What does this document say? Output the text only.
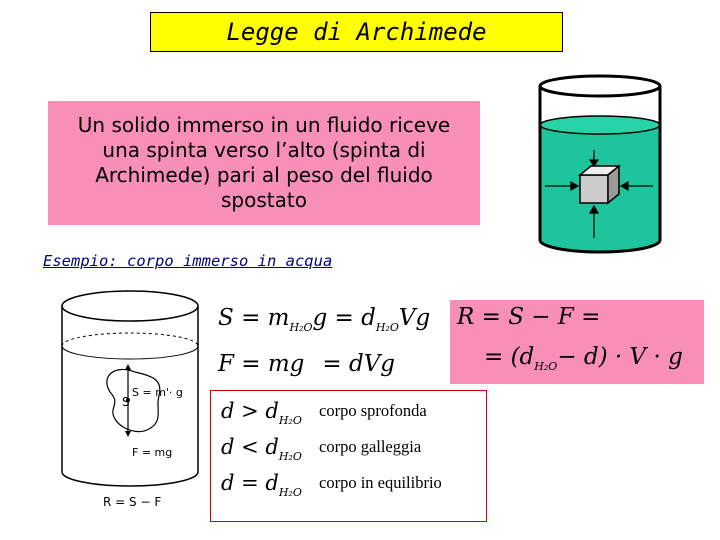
Legge di Archimede
Un solido immerso in un fluido riceve una spinta verso l’alto (spinta di Archimede) pari al peso del fluido spostato
Esempio: corpo immerso in acqua
S = m'· g
F = mg
R = S − F
S
$S = m_{H_2O}g = d_{H_2O}Vg$
F = mg = dVg
R = S − F =
= $(d_{H_2O}- d) \cdot V \cdot g$
$d > d_{H_2O}corpo$ sprofonda
$d < d_{H_2O}corpo$ galleggia
$d = d_{H_2O}corpo$ in equilibrio
